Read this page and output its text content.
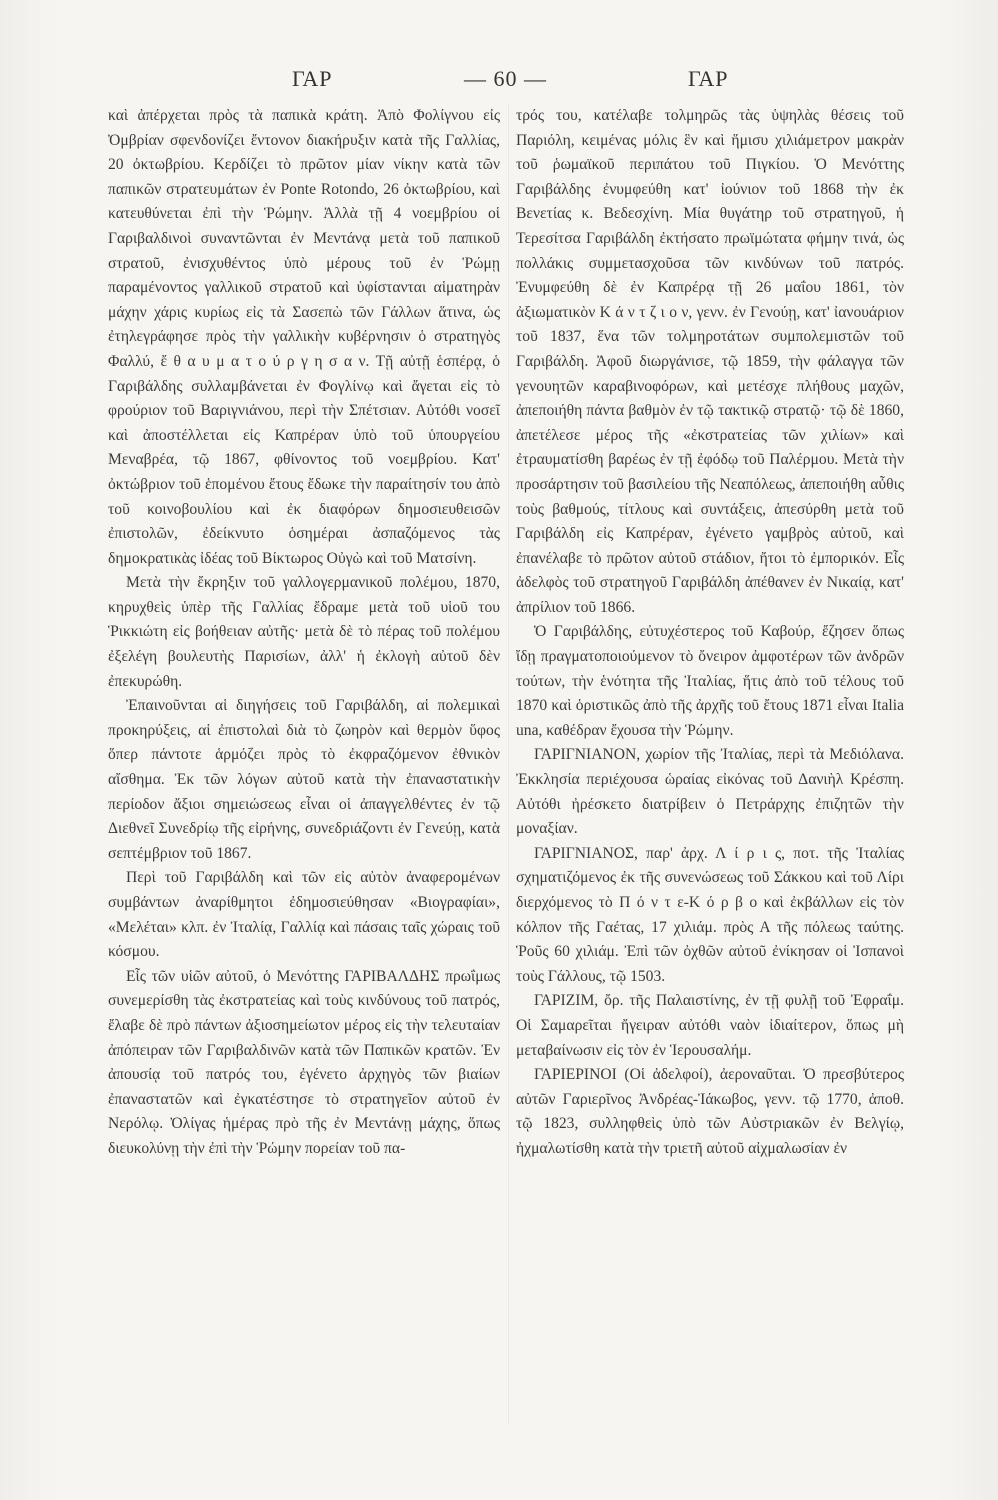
ΓΑΡ	— 60 —	ΓΑΡ

καὶ ἀπέρχεται πρὸς τὰ παπικὰ κράτη. Ἀπὸ Φολίγνου εἰς Ὀμβρίαν σφενδονίζει ἔντονον διακήρυξιν κατὰ τῆς Γαλλίας, 20 ὀκτωβρίου. Κερδίζει τὸ πρῶτον μίαν νίκην κατὰ τῶν παπικῶν στρατευμάτων ἐν Ponte Rotondo, 26 ὀκτωβρίου, καὶ κατευθύνεται ἐπὶ τὴν Ῥώμην. Ἀλλὰ τῇ 4 νοεμβρίου οἱ Γαριβαλδινοὶ συναντῶνται ἐν Μεντάνᾳ μετὰ τοῦ παπικοῦ στρατοῦ, ἐνισχυθέντος ὑπὸ μέρους τοῦ ἐν Ῥώμῃ παραμένοντος γαλλικοῦ στρατοῦ καὶ ὑφίστανται αἱματηρὰν μάχην χάρις κυρίως εἰς τὰ Σασεπὼ τῶν Γάλλων ἅτινα, ὡς ἐτηλεγράφησε πρὸς τὴν γαλλικὴν κυβέρνησιν ὁ στρατηγὸς Φαλλύ, ἔ θ α υ μ α τ ο ύ ρ γ η σ α ν. Τῇ αὐτῇ ἑσπέρᾳ, ὁ Γαριβάλδης συλλαμβάνεται ἐν Φογλίνῳ καὶ ἄγεται εἰς τὸ φρούριον τοῦ Βαριγνιάνου, περὶ τὴν Σπέτσιαν. Αὐτόθι νοσεῖ καὶ ἀποστέλλεται εἰς Καπρέραν ὑπὸ τοῦ ὑπουργείου Μεναβρέα, τῷ 1867, φθίνοντος τοῦ νοεμβρίου. Κατ' ὀκτώβριον τοῦ ἑπομένου ἔτους ἔδωκε τὴν παραίτησίν του ἀπὸ τοῦ κοινοβουλίου καὶ ἐκ διαφόρων δημοσιευθεισῶν ἐπιστολῶν, ἐδείκνυτο ὁσημέραι ἀσπαζόμενος τὰς δημοκρατικὰς ἰδέας τοῦ Βίκτωρος Οὐγὼ καὶ τοῦ Ματσίνη.

Μετὰ τὴν ἔκρηξιν τοῦ γαλλογερμανικοῦ πολέμου, 1870, κηρυχθεὶς ὑπὲρ τῆς Γαλλίας ἔδραμε μετὰ τοῦ υἱοῦ του Ῥικκιώτη εἰς βοήθειαν αὐτῆς· μετὰ δὲ τὸ πέρας τοῦ πολέμου ἐξελέγη βουλευτὴς Παρισίων, ἀλλ' ἡ ἐκλογὴ αὐτοῦ δὲν ἐπεκυρώθη.

Ἐπαινοῦνται αἱ διηγήσεις τοῦ Γαριβάλδη, αἱ πολεμικαὶ προκηρύξεις, αἱ ἐπιστολαὶ διὰ τὸ ζωηρὸν καὶ θερμὸν ὕφος ὅπερ πάντοτε ἁρμόζει πρὸς τὸ ἐκφραζόμενον ἐθνικὸν αἴσθημα. Ἐκ τῶν λόγων αὐτοῦ κατὰ τὴν ἐπαναστατικὴν περίοδον ἄξιοι σημειώσεως εἶναι οἱ ἀπαγγελθέντες ἐν τῷ Διεθνεῖ Συνεδρίῳ τῆς εἰρήνης, συνεδριάζοντι ἐν Γενεύῃ, κατὰ σεπτέμβριον τοῦ 1867.

Περὶ τοῦ Γαριβάλδη καὶ τῶν εἰς αὐτὸν ἀναφερομένων συμβάντων ἀναρίθμητοι ἐδημοσιεύθησαν «Βιογραφίαι», «Μελέται» κλπ. ἐν Ἰταλίᾳ, Γαλλίᾳ καὶ πάσαις ταῖς χώραις τοῦ κόσμου.

Εἷς τῶν υἱῶν αὐτοῦ, ὁ Μενόττης ΓΑΡΙΒΑΛΔΗΣ πρωΐμως συνεμερίσθη τὰς ἐκστρατείας καὶ τοὺς κινδύνους τοῦ πατρός, ἔλαβε δὲ πρὸ πάντων ἀξιοσημείωτον μέρος εἰς τὴν τελευταίαν ἀπόπειραν τῶν Γαριβαλδινῶν κατὰ τῶν Παπικῶν κρατῶν. Ἐν ἀπουσίᾳ τοῦ πατρός του, ἐγένετο ἀρχηγὸς τῶν βιαίων ἐπαναστατῶν καὶ ἐγκατέστησε τὸ στρατηγεῖον αὐτοῦ ἐν Νερόλῳ. Ὀλίγας ἡμέρας πρὸ τῆς ἐν Μεντάνῃ μάχης, ὅπως διευκολύνῃ τὴν ἐπὶ τὴν Ῥώμην πορείαν τοῦ πα-

τρός του, κατέλαβε τολμηρῶς τὰς ὑψηλὰς θέσεις τοῦ Παριόλη, κειμένας μόλις ἓν καὶ ἥμισυ χιλιάμετρον μακρὰν τοῦ ῥωμαϊκοῦ περιπάτου τοῦ Πιγκίου. Ὁ Μενόττης Γαριβάλδης ἐνυμφεύθη κατ' ἰούνιον τοῦ 1868 τὴν ἐκ Βενετίας κ. Βεδεσχίνη. Μία θυγάτηρ τοῦ στρατηγοῦ, ἡ Τερεσίτσα Γαριβάλδη ἐκτήσατο πρωϊμώτατα φήμην τινά, ὡς πολλάκις συμμετασχοῦσα τῶν κινδύνων τοῦ πατρός. Ἐνυμφεύθη δὲ ἐν Καπρέρᾳ τῇ 26 μαΐου 1861, τὸν ἀξιωματικὸν Κ ά ν τ ζ ι ο ν, γενν. ἐν Γενούῃ, κατ' ἰανουάριον τοῦ 1837, ἕνα τῶν τολμηροτάτων συμπολεμιστῶν τοῦ Γαριβάλδη. Ἀφοῦ διωργάνισε, τῷ 1859, τὴν φάλαγγα τῶν γενουητῶν καραβινοφόρων, καὶ μετέσχε πλήθους μαχῶν, ἀπεποιήθη πάντα βαθμὸν ἐν τῷ τακτικῷ στρατῷ· τῷ δὲ 1860, ἀπετέλεσε μέρος τῆς «ἐκστρατείας τῶν χιλίων» καὶ ἐτραυματίσθη βαρέως ἐν τῇ ἐφόδῳ τοῦ Παλέρμου. Μετὰ τὴν προσάρτησιν τοῦ βασιλείου τῆς Νεαπόλεως, ἀπεποιήθη αὖθις τοὺς βαθμούς, τίτλους καὶ συντάξεις, ἀπεσύρθη μετὰ τοῦ Γαριβάλδη εἰς Καπρέραν, ἐγένετο γαμβρὸς αὐτοῦ, καὶ ἐπανέλαβε τὸ πρῶτον αὐτοῦ στάδιον, ἤτοι τὸ ἐμπορικόν. Εἷς ἀδελφὸς τοῦ στρατηγοῦ Γαριβάλδη ἀπέθανεν ἐν Νικαίᾳ, κατ' ἀπρίλιον τοῦ 1866.

Ὁ Γαριβάλδης, εὐτυχέστερος τοῦ Καβούρ, ἔζησεν ὅπως ἴδῃ πραγματοποιούμενον τὸ ὄνειρον ἀμφοτέρων τῶν ἀνδρῶν τούτων, τὴν ἑνότητα τῆς Ἰταλίας, ἥτις ἀπὸ τοῦ τέλους τοῦ 1870 καὶ ὁριστικῶς ἀπὸ τῆς ἀρχῆς τοῦ ἔτους 1871 εἶναι Italia una, καθέδραν ἔχουσα τὴν Ῥώμην.

ΓΑΡΙΓΝΙΑΝΟΝ, χωρίον τῆς Ἰταλίας, περὶ τὰ Μεδιόλανα. Ἐκκλησία περιέχουσα ὡραίας εἰκόνας τοῦ Δανιὴλ Κρέσπη. Αὐτόθι ἠρέσκετο διατρίβειν ὁ Πετράρχης ἐπιζητῶν τὴν μοναξίαν.

ΓΑΡΙΓΝΙΑΝΟΣ, παρ' ἀρχ. Λ ί ρ ι ς, ποτ. τῆς Ἰταλίας σχηματιζόμενος ἐκ τῆς συνενώσεως τοῦ Σάκκου καὶ τοῦ Λίρι διερχόμενος τὸ Π ό ν τ ε-Κ ό ρ β ο καὶ ἐκβάλλων εἰς τὸν κόλπον τῆς Γαέτας, 17 χιλιάμ. πρὸς Α τῆς πόλεως ταύτης. Ῥοῦς 60 χιλιάμ. Ἐπὶ τῶν ὀχθῶν αὐτοῦ ἐνίκησαν οἱ Ἰσπανοὶ τοὺς Γάλλους, τῷ 1503.

ΓΑΡΙΖΙΜ, ὄρ. τῆς Παλαιστίνης, ἐν τῇ φυλῇ τοῦ Ἐφραΐμ. Οἱ Σαμαρεῖται ἤγειραν αὐτόθι ναὸν ἰδιαίτερον, ὅπως μὴ μεταβαίνωσιν εἰς τὸν ἐν Ἱερουσαλήμ.

ΓΑΡΙΕΡΙΝΟΙ (Οἱ ἀδελφοί), ἀεροναῦται. Ὁ πρεσβύτερος αὐτῶν Γαριερῖνος Ἀνδρέας-Ἰάκωβος, γενν. τῷ 1770, ἀποθ. τῷ 1823, συλληφθεὶς ὑπὸ τῶν Αὐστριακῶν ἐν Βελγίῳ, ἠχμαλωτίσθη κατὰ τὴν τριετῆ αὐτοῦ αἰχμαλωσίαν ἐν
